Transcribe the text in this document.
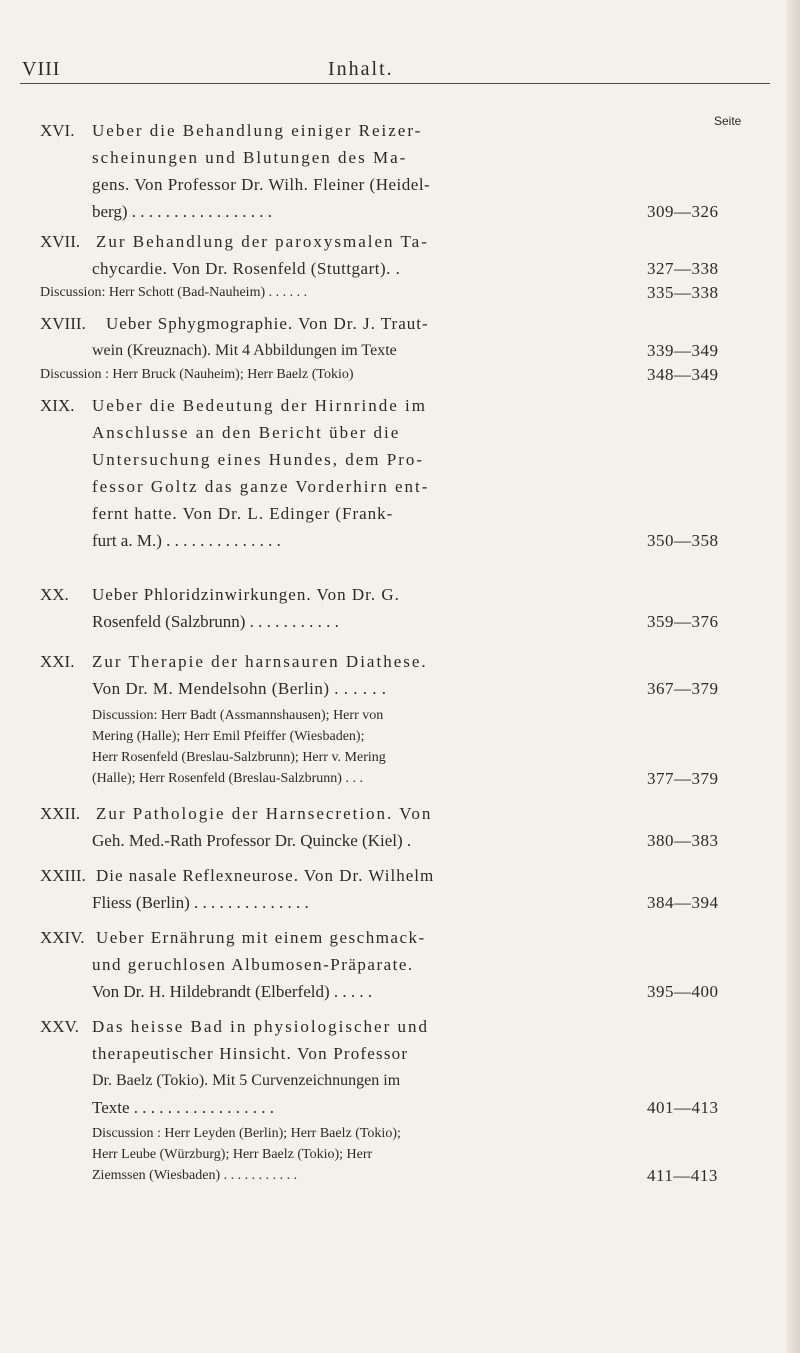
VIII	Inhalt.
Seite
XVI. Ueber die Behandlung einiger Reizer-
scheinungen und Blutungen des Ma-
gens. Von Professor Dr. Wilh. Fleiner (Heidel-
berg) . . . . . . . . . . . . . . . . .	309—326
XVII. Zur Behandlung der paroxysmalen Ta-
chycardie. Von Dr. Rosenfeld (Stuttgart). .	327—338
Discussion: Herr Schott (Bad-Nauheim) . . . . . .	335—338
XVIII. Ueber Sphygmographie. Von Dr. J. Traut-
wein (Kreuznach). Mit 4 Abbildungen im Texte	339—349
Discussion : Herr Bruck (Nauheim); Herr Baelz (Tokio)	348—349
XIX. Ueber die Bedeutung der Hirnrinde im
Anschlusse an den Bericht über die
Untersuchung eines Hundes, dem Pro-
fessor Goltz das ganze Vorderhirn ent-
fernt hatte. Von Dr. L. Edinger (Frank-
furt a. M.) . . . . . . . . . . . . . .	350—358
XX. Ueber Phloridzinwirkungen. Von Dr. G.
Rosenfeld (Salzbrunn) . . . . . . . . . . .	359—376
XXI. Zur Therapie der harnsauren Diathese.
Von Dr. M. Mendelsohn (Berlin) . . . . . .	367—379
Discussion: Herr Badt (Assmannshausen); Herr von
Mering (Halle); Herr Emil Pfeiffer (Wiesbaden);
Herr Rosenfeld (Breslau-Salzbrunn); Herr v. Mering
(Halle); Herr Rosenfeld (Breslau-Salzbrunn) . . .	377—379
XXII. Zur Pathologie der Harnsecretion. Von
Geh. Med.-Rath Professor Dr. Quincke (Kiel) .	380—383
XXIII. Die nasale Reflexneurose. Von Dr. Wilhelm
Fliess (Berlin) . . . . . . . . . . . . . .	384—394
XXIV. Ueber Ernährung mit einem geschmack-
und geruchlosen Albumosen-Präparate.
Von Dr. H. Hildebrandt (Elberfeld) . . . . .	395—400
XXV. Das heisse Bad in physiologischer und
therapeutischer Hinsicht. Von Professor
Dr. Baelz (Tokio). Mit 5 Curvenzeichnungen im
Texte . . . . . . . . . . . . . . . . .	401—413
Discussion : Herr Leyden (Berlin); Herr Baelz (Tokio);
Herr Leube (Würzburg); Herr Baelz (Tokio); Herr
Ziemssen (Wiesbaden) . . . . . . . . . . .	411—413
